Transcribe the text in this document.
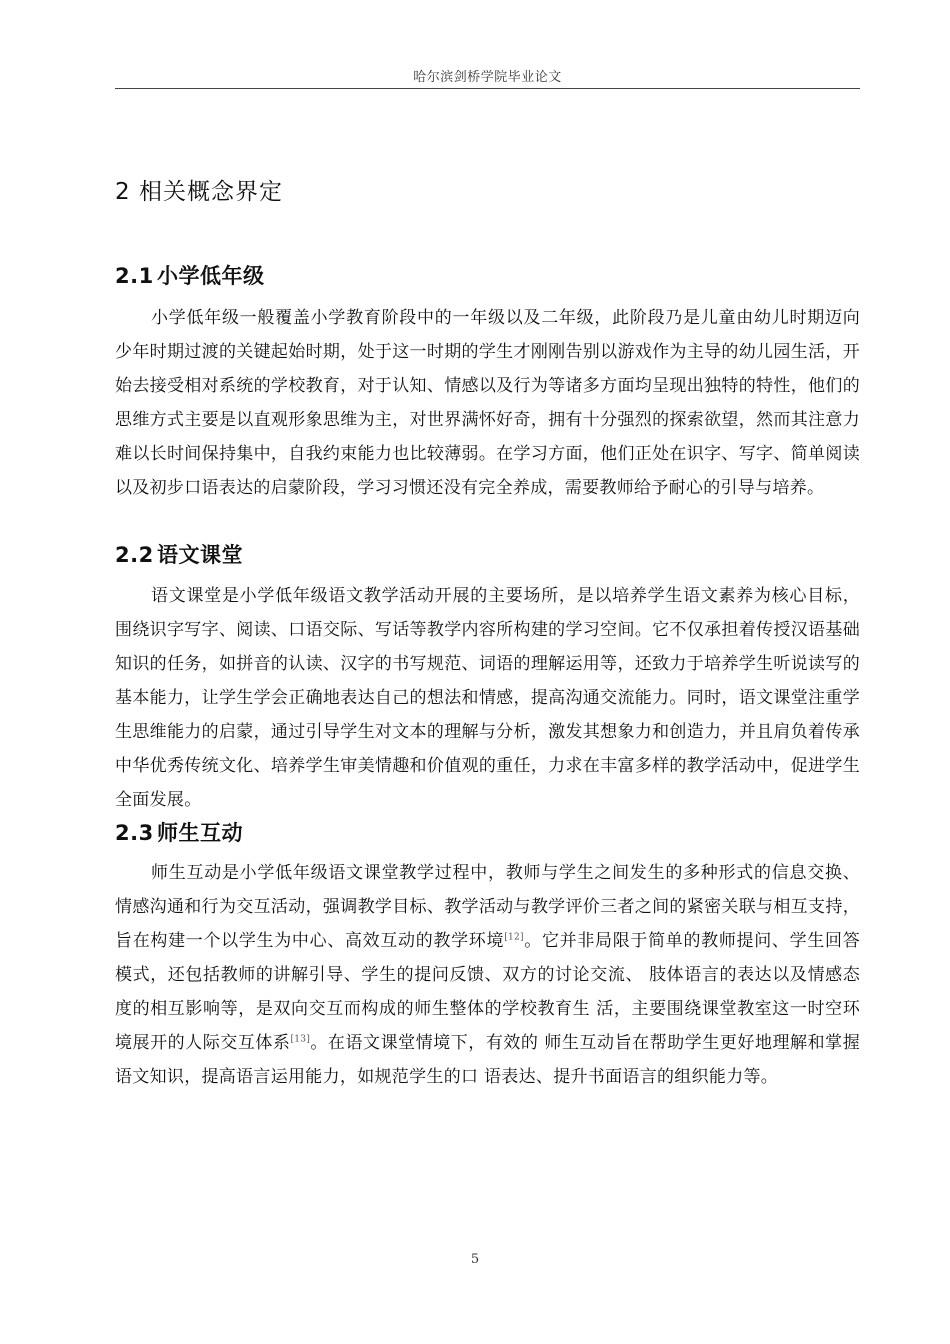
哈尔滨剑桥学院毕业论文
2 相关概念界定
2.1 小学低年级

小学低年级一般覆盖小学教育阶段中的一年级以及二年级，此阶段乃是儿童由幼儿时期迈向少年时期过渡的关键起始时期，处于这一时期的学生才刚刚告别以游戏作为主导的幼儿园生活，开始去接受相对系统的学校教育，对于认知、情感以及行为等诸多方面均呈现出独特的特性，他们的思维方式主要是以直观形象思维为主，对世界满怀好奇，拥有十分强烈的探索欲望，然而其注意力难以长时间保持集中，自我约束能力也比较薄弱。在学习方面，他们正处在识字、写字、简单阅读以及初步口语表达的启蒙阶段，学习习惯还没有完全养成，需要教师给予耐心的引导与培养。

2.2 语文课堂

语文课堂是小学低年级语文教学活动开展的主要场所，是以培养学生语文素养为核心目标，围绕识字写字、阅读、口语交际、写话等教学内容所构建的学习空间。它不仅承担着传授汉语基础知识的任务，如拼音的认读、汉字的书写规范、词语的理解运用等，还致力于培养学生听说读写的基本能力，让学生学会正确地表达自己的想法和情感，提高沟通交流能力。同时，语文课堂注重学生思维能力的启蒙，通过引导学生对文本的理解与分析，激发其想象力和创造力，并且肩负着传承中华优秀传统文化、培养学生审美情趣和价值观的重任，力求在丰富多样的教学活动中，促进学生全面发展。

2.3 师生互动

师生互动是小学低年级语文课堂教学过程中，教师与学生之间发生的多种形式的信息交换、情感沟通和行为交互活动，强调教学目标、教学活动与教学评价三者之间的紧密关联与相互支持，旨在构建一个以学生为中心、高效互动的教学环境[12]。它并非局限于简单的教师提问、学生回答模式，还包括教师的讲解引导、学生的提问反馈、双方的讨论交流、 肢体语言的表达以及情感态度的相互影响等，是双向交互而构成的师生整体的学校教育生 活，主要围绕课堂教室这一时空环境展开的人际交互体系[13]。在语文课堂情境下，有效的 师生互动旨在帮助学生更好地理解和掌握语文知识，提高语言运用能力，如规范学生的口 语表达、提升书面语言的组织能力等。

5
